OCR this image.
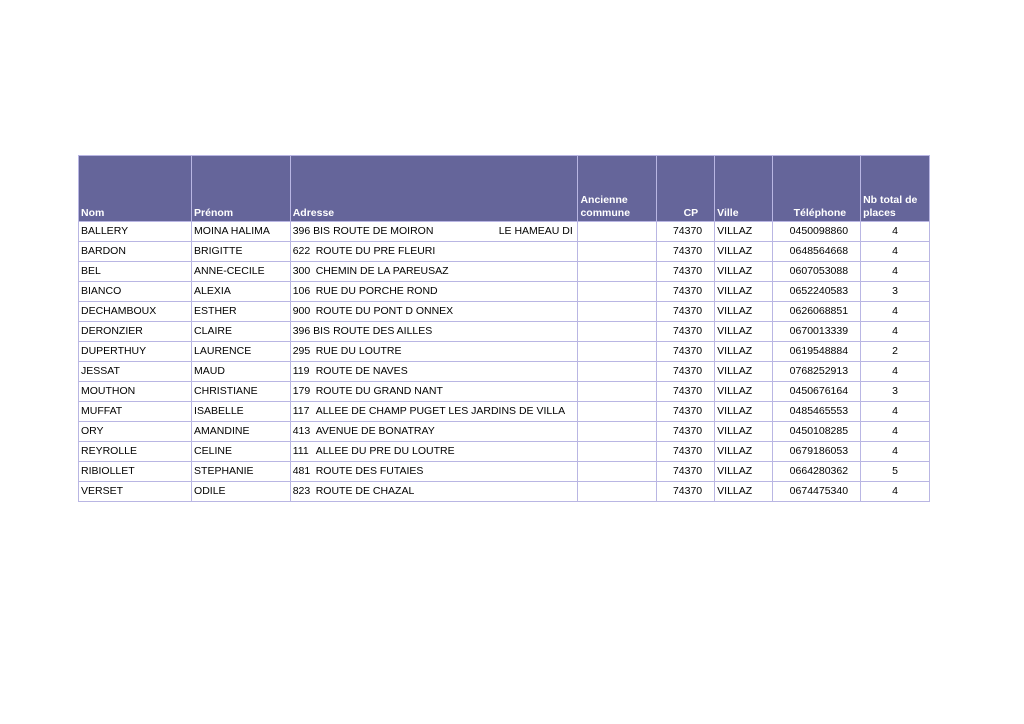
Nom	Prénom	Adresse	Ancienne commune	CP	Ville	Téléphone	Nb total de places
BALLERY	MOINA HALIMA	396 BIS ROUTE DE MOIRON LE HAMEAU DI		74370	VILLAZ	0450098860	4
BARDON	BRIGITTE	622 ROUTE DU PRE FLEURI		74370	VILLAZ	0648564668	4
BEL	ANNE-CECILE	300 CHEMIN DE LA PAREUSAZ		74370	VILLAZ	0607053088	4
BIANCO	ALEXIA	106 RUE DU PORCHE ROND		74370	VILLAZ	0652240583	3
DECHAMBOUX	ESTHER	900 ROUTE DU PONT D ONNEX		74370	VILLAZ	0626068851	4
DERONZIER	CLAIRE	396 BIS ROUTE DES AILLES		74370	VILLAZ	0670013339	4
DUPERTHUY	LAURENCE	295 RUE DU LOUTRE		74370	VILLAZ	0619548884	2
JESSAT	MAUD	119 ROUTE DE NAVES		74370	VILLAZ	0768252913	4
MOUTHON	CHRISTIANE	179 ROUTE DU GRAND NANT		74370	VILLAZ	0450676164	3
MUFFAT	ISABELLE	117 ALLEE DE CHAMP PUGET LES JARDINS DE VILLA		74370	VILLAZ	0485465553	4
ORY	AMANDINE	413 AVENUE DE BONATRAY		74370	VILLAZ	0450108285	4
REYROLLE	CELINE	111 ALLEE DU PRE DU LOUTRE		74370	VILLAZ	0679186053	4
RIBIOLLET	STEPHANIE	481 ROUTE DES FUTAIES		74370	VILLAZ	0664280362	5
VERSET	ODILE	823 ROUTE DE CHAZAL		74370	VILLAZ	0674475340	4
